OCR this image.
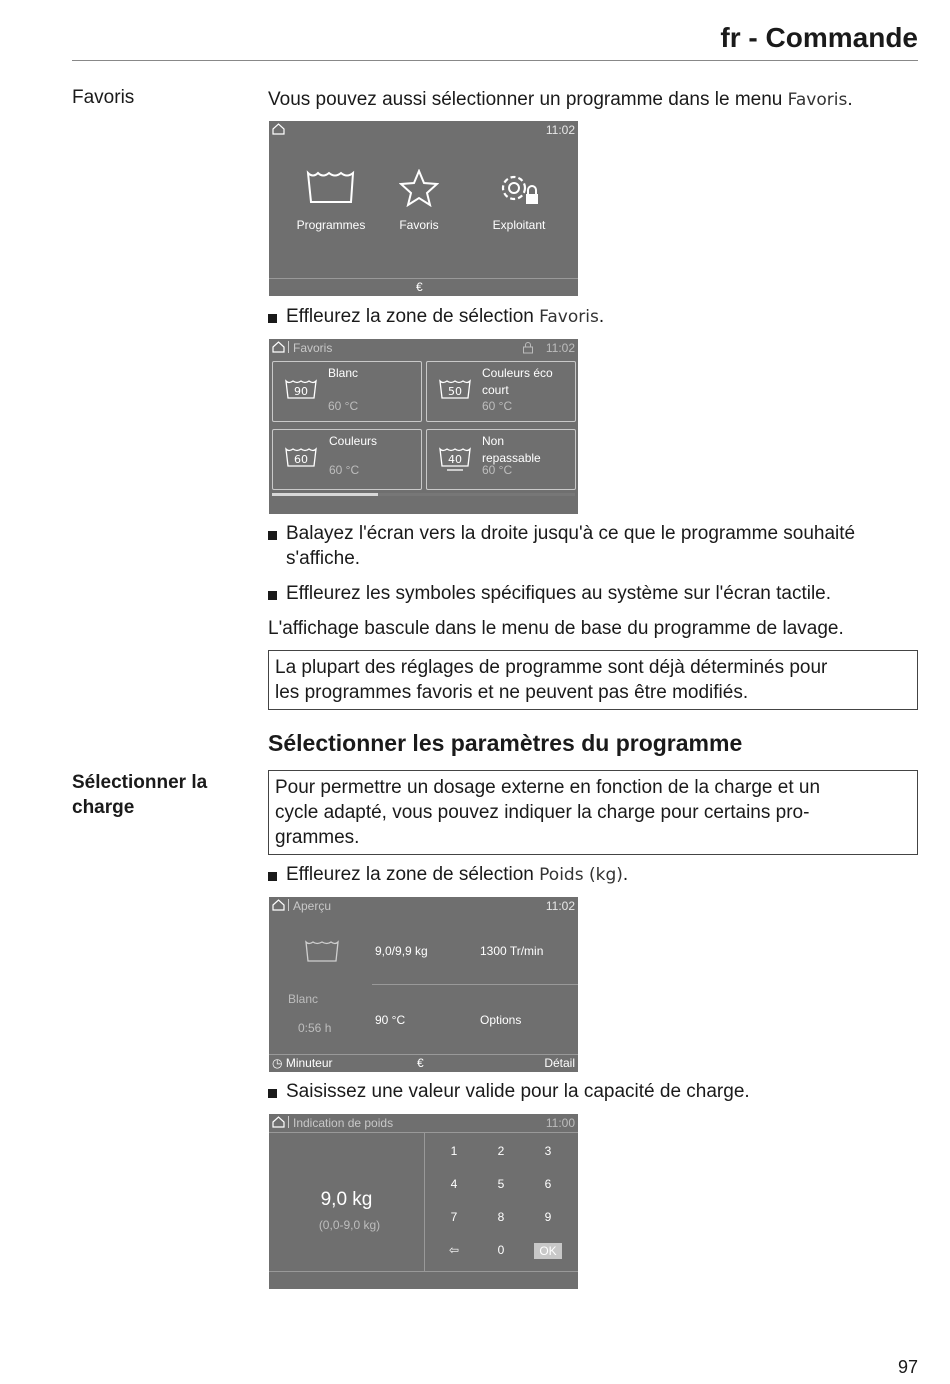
fr - Commande
Favoris	Vous pouvez aussi sélectionner un programme dans le menu Favoris.
11:02
Programmes	Favoris	Exploitant
€
Effleurez la zone de sélection Favoris.
Favoris	11:02
90
Blanc
60 °C
50
Couleurs éco court
60 °C
60
Couleurs
60 °C
40
Non repassable
60 °C
Balayez l'écran vers la droite jusqu'à ce que le programme souhaité
s'affiche.
Effleurez les symboles spécifiques au système sur l'écran tactile.
L'affichage bascule dans le menu de base du programme de lavage.
La plupart des réglages de programme sont déjà déterminés pour
les programmes favoris et ne peuvent pas être modifiés.
Sélectionner les paramètres du programme
Sélectionner la
charge
Pour permettre un dosage externe en fonction de la charge et un
cycle adapté, vous pouvez indiquer la charge pour certains pro-
grammes.
Effleurez la zone de sélection Poids (kg).
Aperçu	11:02
Blanc
0:56 h
9,0/9,9 kg	1300 Tr/min
90 °C	Options
◷ Minuteur	€	Détail
Saisissez une valeur valide pour la capacité de charge.
Indication de poids	11:00
9,0 kg
(0,0-9,0 kg)
1	2	3
4	5	6
7	8	9
⇦	0	OK
97
